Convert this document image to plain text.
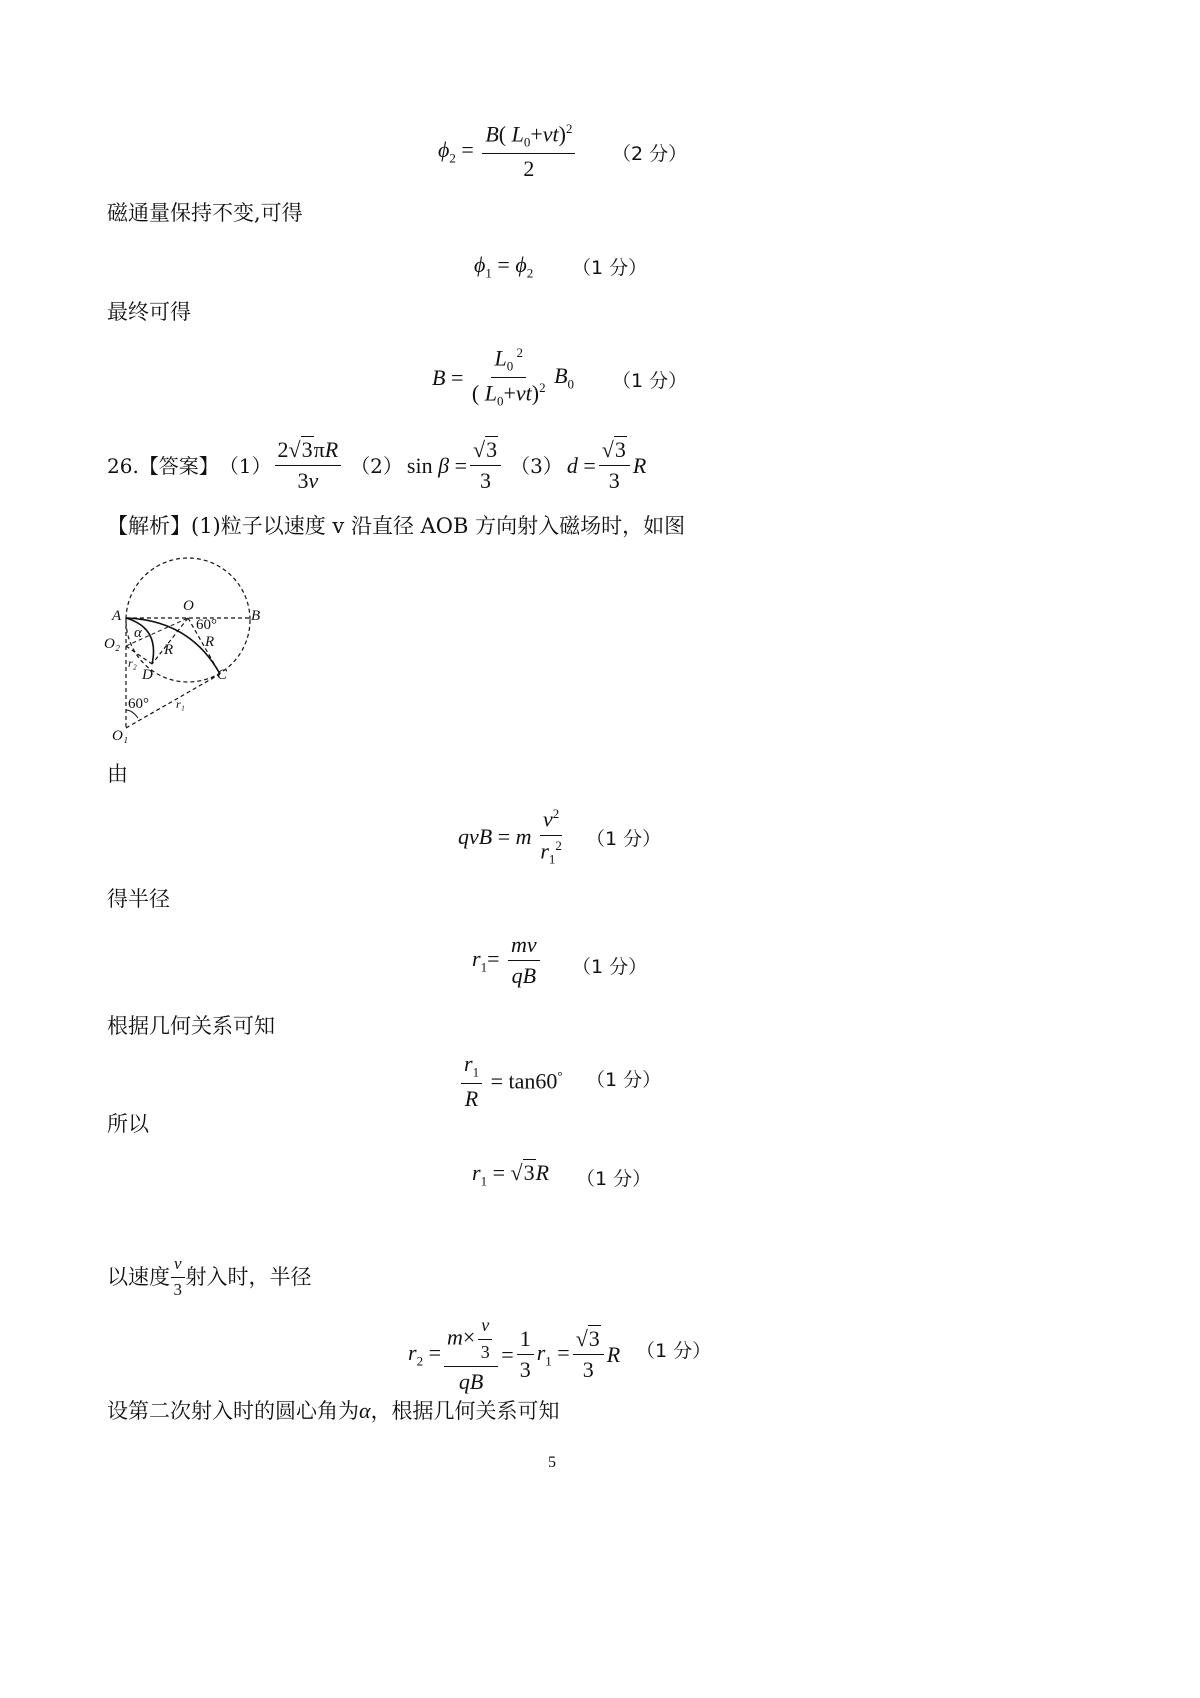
$\phi_2 = \frac{B( L_0+vt)^2}{2} (2$ 分）
磁通量保持不变,可得
$\phi_1 = \phi_2$ （1 分）
最终可得
$B = \frac{L_0 ^2}{( L_0+vt)^2} B_0$ （1 分）
26.【答案】 $(1) \frac{2√3\pi R}{3v} (2)$ $\sin \beta = \frac{√3}{3} (3) d = \frac{√3}{3}$ R
【解析】(1)粒子以速度 v 沿直径 AOB 方向射入磁场时，如图
A
O
B
O₂
α	60°
R
R
r₂
D	C
60° r₁
O₁
由
qvB = m $\frac{v^2}{r_1^2} (1$ 分）
得半径
$r_1= \frac{mv}{qB} (1$ 分）
根据几何关系可知
$\frac{r_1}{R} = \tan 60^\circ$ （1 分）
所以
$r_1 = √3R$ （1 分）
以速度 $\frac{v}{3}$ 射入时，半径
$r_2 = \frac{m\times \frac{v}{3}}{qB} = \frac{1}{3} r_1 = \frac{√3}{3}$ R （1 分）
设第二次射入时的圆心角为α，根据几何关系可知
5
